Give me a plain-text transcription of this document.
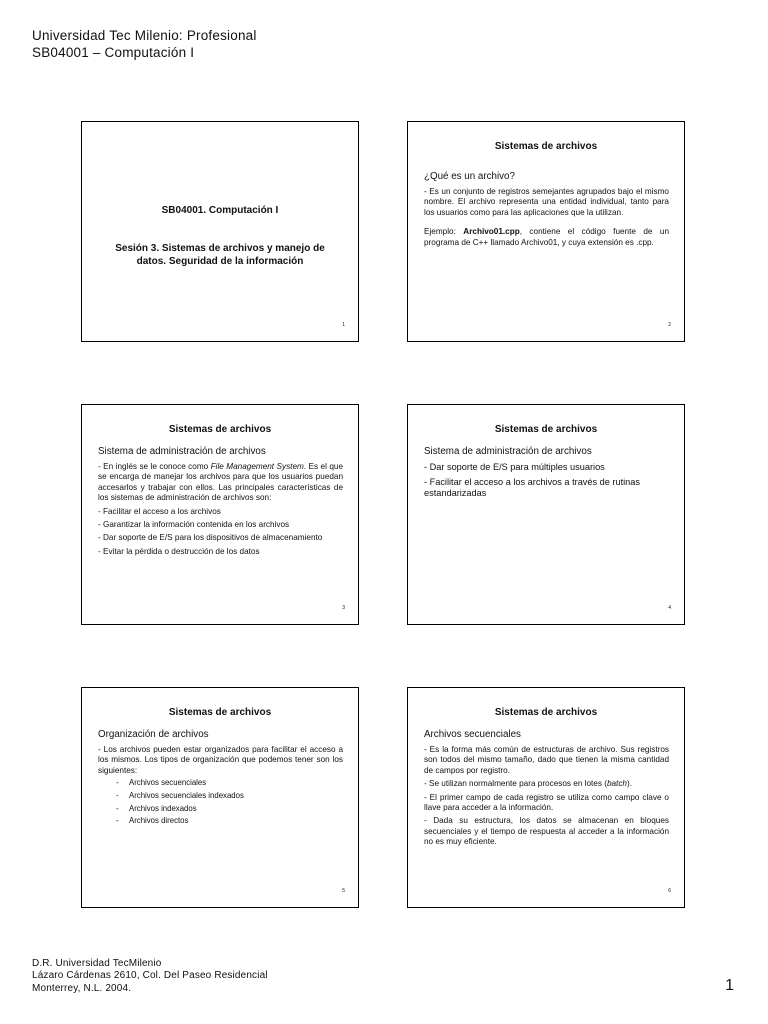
Universidad Tec Milenio: Profesional
SB04001 – Computación I
SB04001. Computación I
Sesión 3. Sistemas de archivos y manejo de datos. Seguridad de la información
1
Sistemas de archivos
¿Qué es un archivo?
- Es un conjunto de registros semejantes agrupados bajo el mismo nombre. El archivo representa una entidad individual, tanto para los usuarios como para las aplicaciones que la utilizan.
Ejemplo: Archivo01.cpp, contiene el código fuente de un programa de C++ llamado Archivo01, y cuya extensión es .cpp.
2
Sistemas de archivos
Sistema de administración de archivos
- En inglés se le conoce como File Management System. Es el que se encarga de manejar los archivos para que los usuarios puedan accesarlos y trabajar con ellos. Las principales características de los sistemas de administración de archivos son:
- Facilitar el acceso a los archivos
- Garantizar la información contenida en los archivos
- Dar soporte de E/S para los dispositivos de almacenamiento
- Evitar la pérdida o destrucción de los datos
3
Sistemas de archivos
Sistema de administración de archivos
- Dar soporte de E/S para múltiples usuarios
- Facilitar el acceso a los archivos a través de rutinas estandarizadas
4
Sistemas de archivos
Organización de archivos
- Los archivos pueden estar organizados para facilitar el acceso a los mismos. Los tipos de organización que podemos tener son los siguientes:
- Archivos secuenciales
- Archivos secuenciales indexados
- Archivos indexados
- Archivos directos
5
Sistemas de archivos
Archivos secuenciales
- Es la forma más común de estructuras de archivo. Sus registros son todos del mismo tamaño, dado que tienen la misma cantidad de campos por registro.
- Se utilizan normalmente para procesos en lotes (batch).
- El primer campo de cada registro se utiliza como campo clave o llave para acceder a la información.
- Dada su estructura, los datos se almacenan en bloques secuenciales y el tiempo de respuesta al acceder a la información no es muy eficiente.
6
D.R. Universidad TecMilenio
Lázaro Cárdenas 2610, Col. Del Paseo Residencial
Monterrey, N.L. 2004.	1
